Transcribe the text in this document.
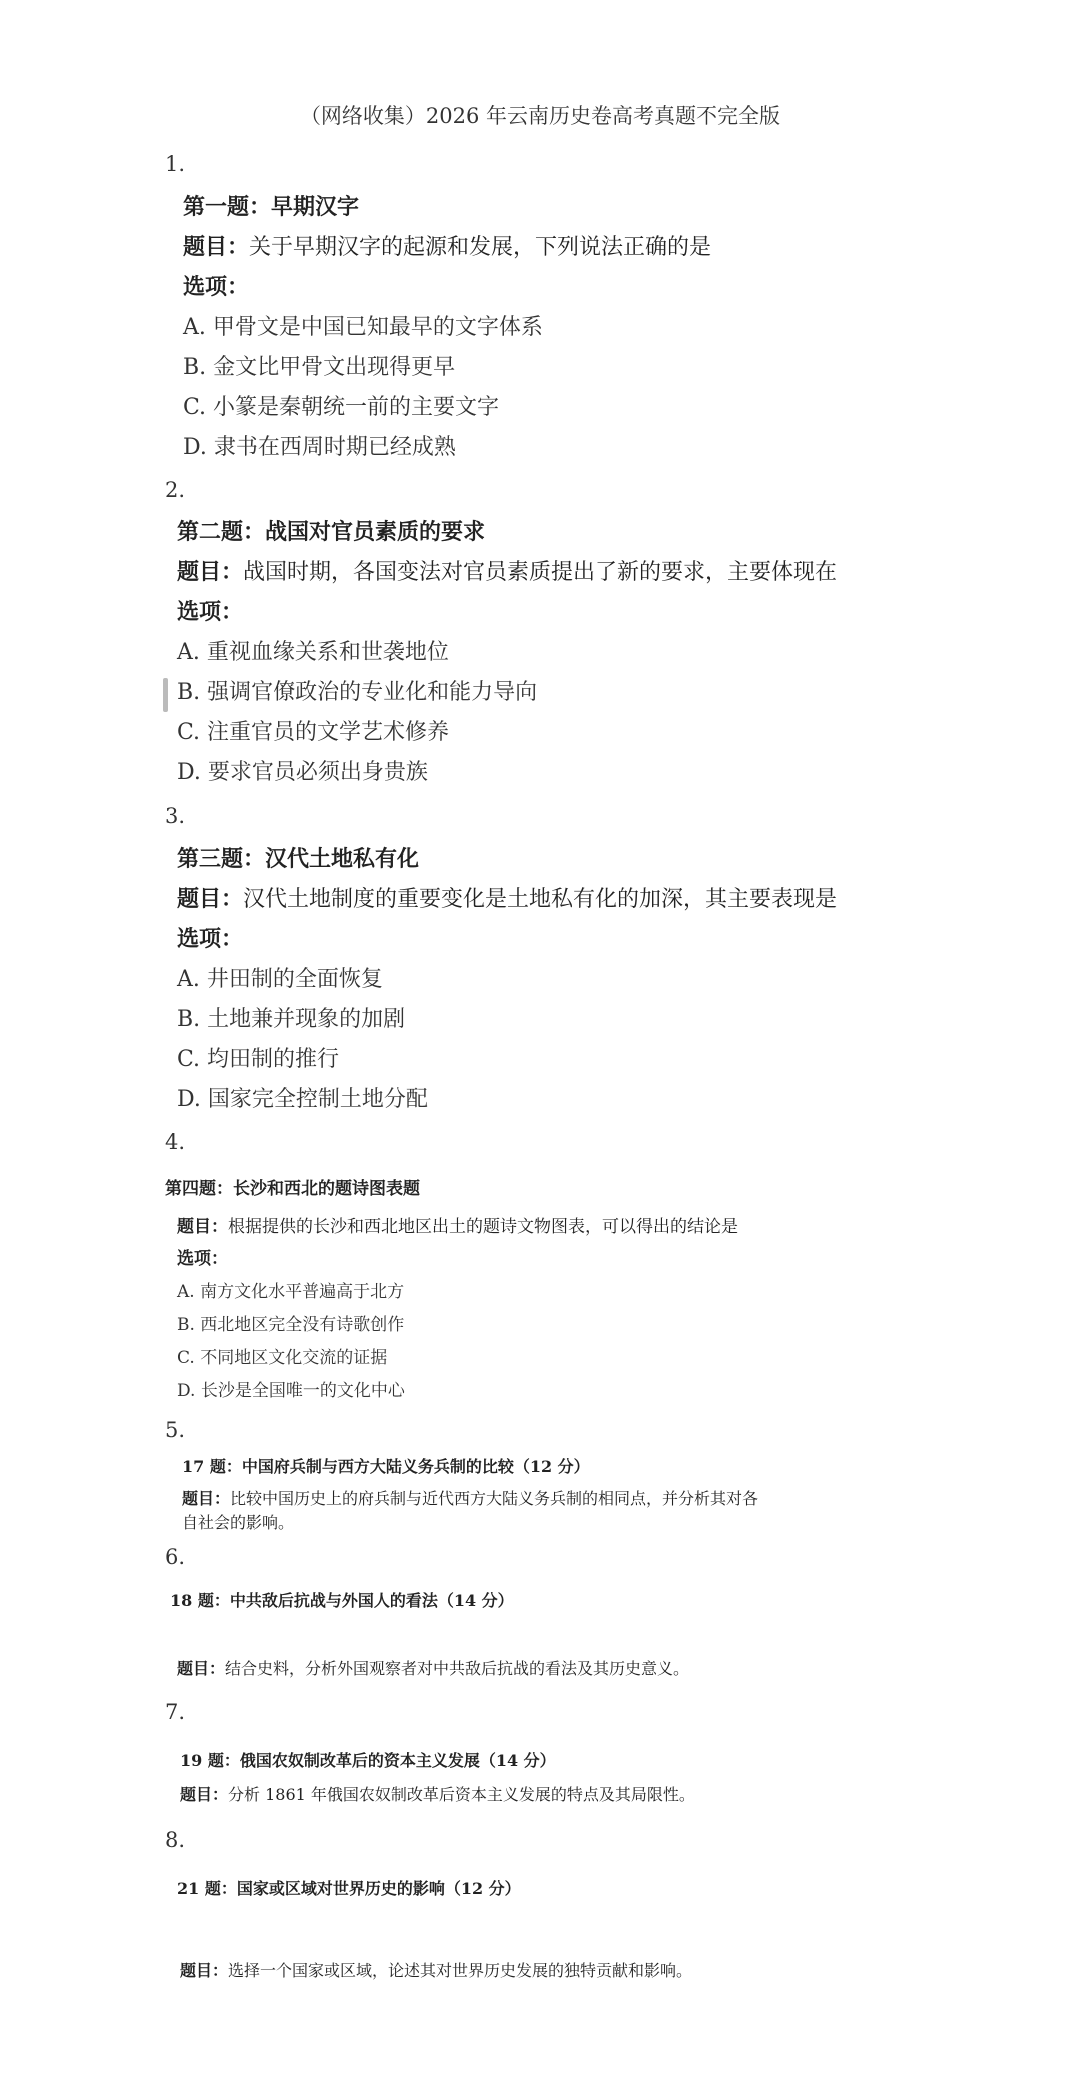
（网络收集）2026 年云南历史卷高考真题不完全版
1.
第一题：早期汉字
题目：关于早期汉字的起源和发展，下列说法正确的是
选项：
A. 甲骨文是中国已知最早的文字体系
B. 金文比甲骨文出现得更早
C. 小篆是秦朝统一前的主要文字
D. 隶书在西周时期已经成熟
2.
第二题：战国对官员素质的要求
题目：战国时期，各国变法对官员素质提出了新的要求，主要体现在
选项：
A. 重视血缘关系和世袭地位
B. 强调官僚政治的专业化和能力导向
C. 注重官员的文学艺术修养
D. 要求官员必须出身贵族
3.
第三题：汉代土地私有化
题目：汉代土地制度的重要变化是土地私有化的加深，其主要表现是
选项：
A. 井田制的全面恢复
B. 土地兼并现象的加剧
C. 均田制的推行
D. 国家完全控制土地分配
4.
第四题：长沙和西北的题诗图表题
题目：根据提供的长沙和西北地区出土的题诗文物图表，可以得出的结论是
选项：
A. 南方文化水平普遍高于北方
B. 西北地区完全没有诗歌创作
C. 不同地区文化交流的证据
D. 长沙是全国唯一的文化中心
5.
17 题：中国府兵制与西方大陆义务兵制的比较（12 分）
题目：比较中国历史上的府兵制与近代西方大陆义务兵制的相同点，并分析其对各
自社会的影响。
6.
18 题：中共敌后抗战与外国人的看法（14 分）
题目：结合史料，分析外国观察者对中共敌后抗战的看法及其历史意义。
7.
19 题：俄国农奴制改革后的资本主义发展（14 分）
题目：分析 1861 年俄国农奴制改革后资本主义发展的特点及其局限性。
8.
21 题：国家或区域对世界历史的影响（12 分）
题目：选择一个国家或区域，论述其对世界历史发展的独特贡献和影响。
